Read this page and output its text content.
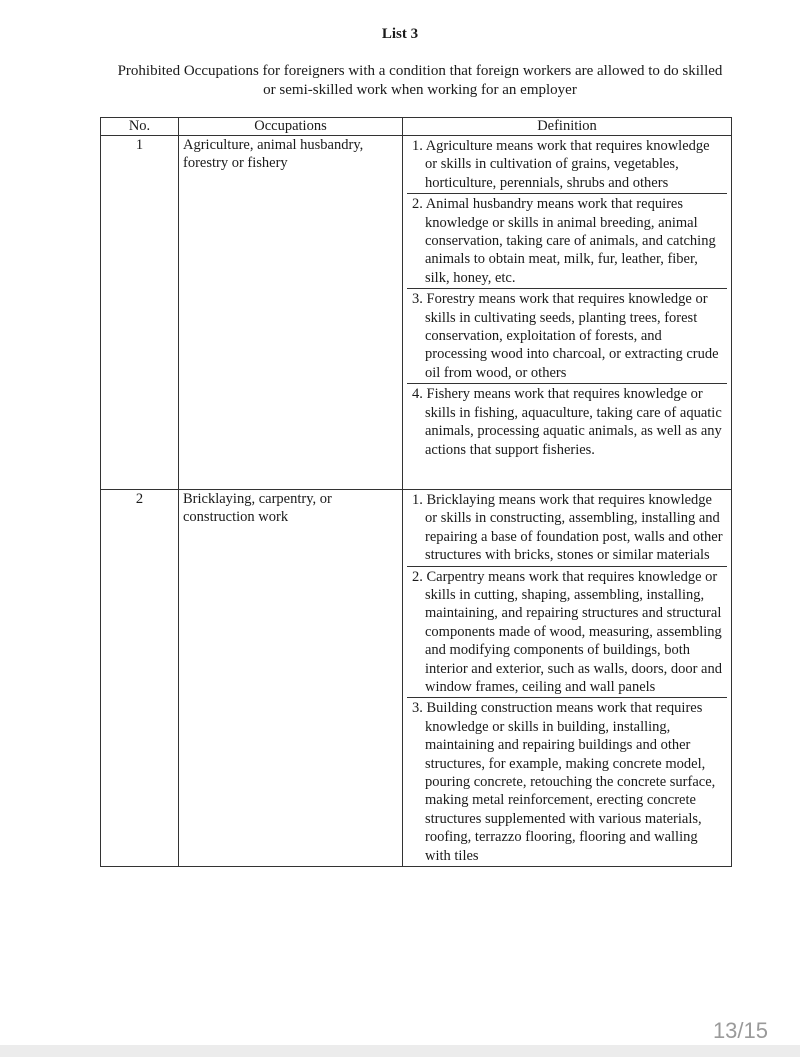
List 3
Prohibited Occupations for foreigners with a condition that foreign workers are allowed to do skilled or semi-skilled work when working for an employer
No.	Occupations	Definition
1	Agriculture, animal husbandry, forestry or fishery	1. Agriculture means work that requires knowledge or skills in cultivation of grains, vegetables, horticulture, perennials, shrubs and others
2. Animal husbandry means work that requires knowledge or skills in animal breeding, animal conservation, taking care of animals, and catching animals to obtain meat, milk, fur, leather, fiber, silk, honey, etc.
3. Forestry means work that requires knowledge or skills in cultivating seeds, planting trees, forest conservation, exploitation of forests, and processing wood into charcoal, or extracting crude oil from wood, or others
4. Fishery means work that requires knowledge or skills in fishing, aquaculture, taking care of aquatic animals, processing aquatic animals, as well as any actions that support fisheries.

2	Bricklaying, carpentry, or construction work	1. Bricklaying means work that requires knowledge or skills in constructing, assembling, installing and repairing a base of foundation post, walls and other structures with bricks, stones or similar materials
2. Carpentry means work that requires knowledge or skills in cutting, shaping, assembling, installing, maintaining, and repairing structures and structural components made of wood, measuring, assembling and modifying components of buildings, both interior and exterior, such as walls, doors, door and window frames, ceiling and wall panels
3. Building construction means work that requires knowledge or skills in building, installing, maintaining and repairing buildings and other structures, for example, making concrete model, pouring concrete, retouching the concrete surface, making metal reinforcement, erecting concrete structures supplemented with various materials, roofing, terrazzo flooring, flooring and walling with tiles
13/15
